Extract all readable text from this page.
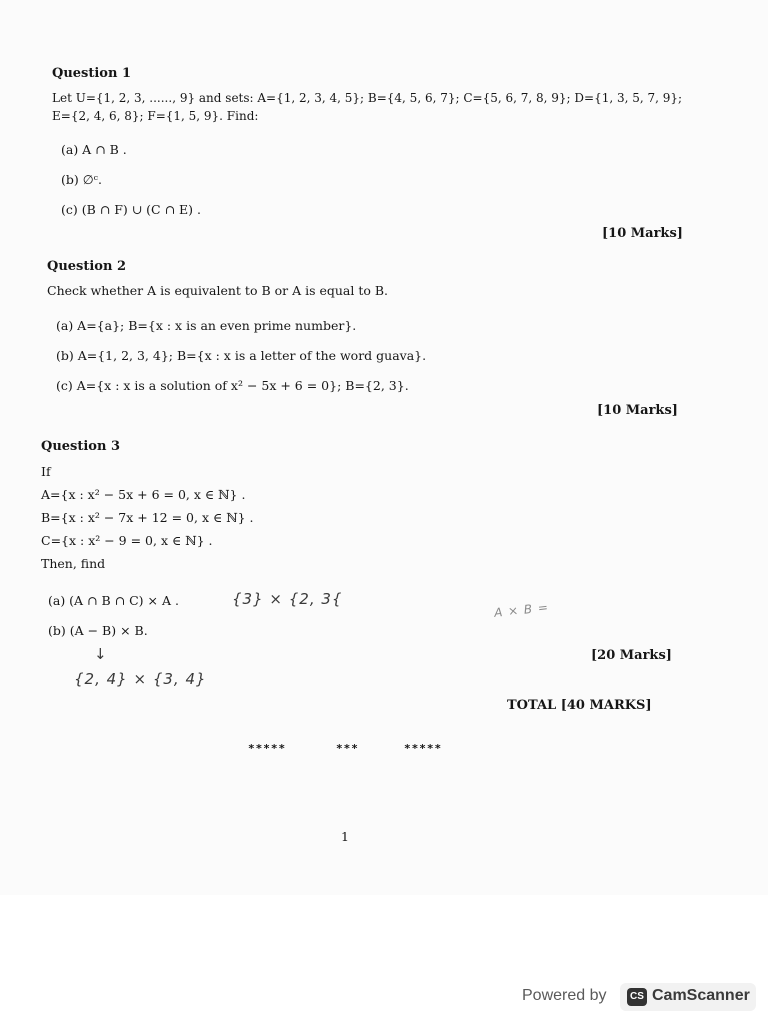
Question 1
Let U={1, 2, 3, ......, 9} and sets: A={1, 2, 3, 4, 5}; B={4, 5, 6, 7}; C={5, 6, 7, 8, 9}; D={1, 3, 5, 7, 9};
E={2, 4, 6, 8}; F={1, 5, 9}. Find:
(a) A ∩ B .
(b) ∅ᶜ.
(c) (B ∩ F) ∪ (C ∩ E) .
[10 Marks]
Question 2
Check whether A is equivalent to B or A is equal to B.
(a) A={a}; B={x : x is an even prime number}.
(b) A={1, 2, 3, 4}; B={x : x is a letter of the word guava}.
(c) A={x : x is a solution of x² − 5x + 6 = 0}; B={2, 3}.
[10 Marks]
Question 3
If
A={x : x² − 5x + 6 = 0, x ∈ ℕ} .
B={x : x² − 7x + 12 = 0, x ∈ ℕ} .
C={x : x² − 9 = 0, x ∈ ℕ} .
Then, find
(a) (A ∩ B ∩ C) × A .
(b) (A − B) × B.
[20 Marks]
{3} × {2, 3{
A × B =
↓
{2, 4} × {3, 4}
TOTAL [40 MARKS]
*****	***	*****
1
Powered by	CS CamScanner
